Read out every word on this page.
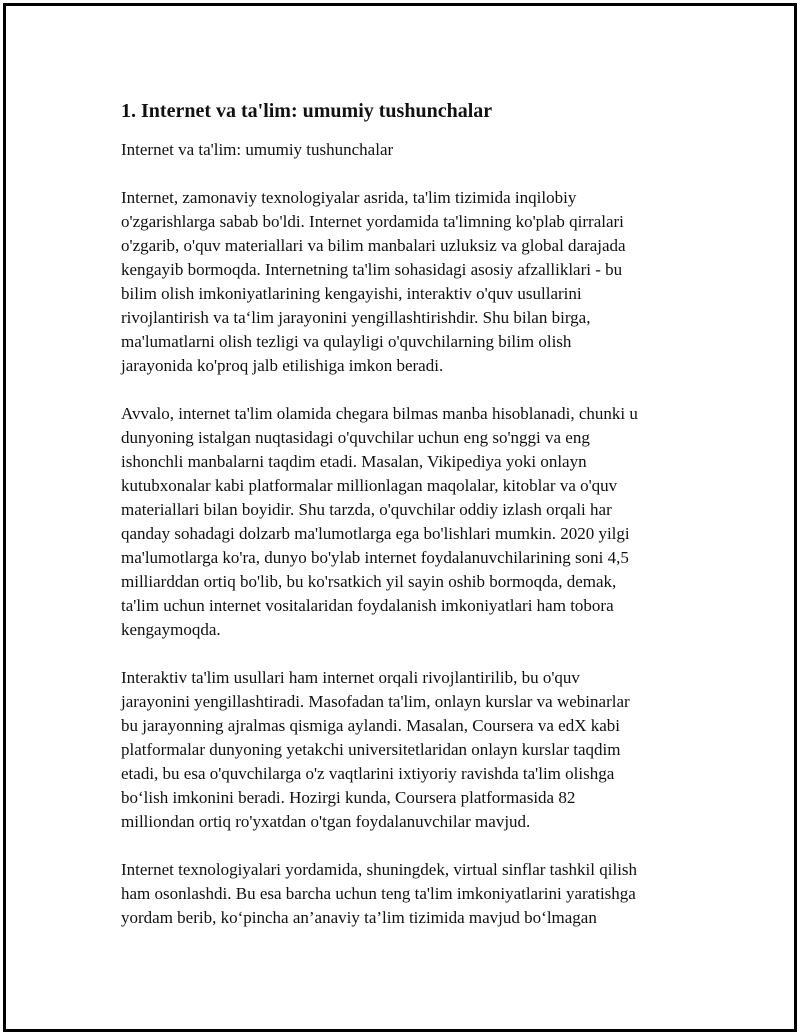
1. Internet va ta'lim: umumiy tushunchalar

Internet va ta'lim: umumiy tushunchalar

Internet, zamonaviy texnologiyalar asrida, ta'lim tizimida inqilobiy
o'zgarishlarga sabab bo'ldi. Internet yordamida ta'limning ko'plab qirralari
o'zgarib, o'quv materiallari va bilim manbalari uzluksiz va global darajada
kengayib bormoqda. Internetning ta'lim sohasidagi asosiy afzalliklari - bu
bilim olish imkoniyatlarining kengayishi, interaktiv o'quv usullarini
rivojlantirish va ta‘lim jarayonini yengillashtirishdir. Shu bilan birga,
ma'lumatlarni olish tezligi va qulayligi o'quvchilarning bilim olish
jarayonida ko'proq jalb etilishiga imkon beradi.

Avvalo, internet ta'lim olamida chegara bilmas manba hisoblanadi, chunki u
dunyoning istalgan nuqtasidagi o'quvchilar uchun eng so'nggi va eng
ishonchli manbalarni taqdim etadi. Masalan, Vikipediya yoki onlayn
kutubxonalar kabi platformalar millionlagan maqolalar, kitoblar va o'quv
materiallari bilan boyidir. Shu tarzda, o'quvchilar oddiy izlash orqali har
qanday sohadagi dolzarb ma'lumotlarga ega bo'lishlari mumkin. 2020 yilgi
ma'lumotlarga ko'ra, dunyo bo'ylab internet foydalanuvchilarining soni 4,5
milliarddan ortiq bo'lib, bu ko'rsatkich yil sayin oshib bormoqda, demak,
ta'lim uchun internet vositalaridan foydalanish imkoniyatlari ham tobora
kengaymoqda.

Interaktiv ta'lim usullari ham internet orqali rivojlantirilib, bu o'quv
jarayonini yengillashtiradi. Masofadan ta'lim, onlayn kurslar va webinarlar
bu jarayonning ajralmas qismiga aylandi. Masalan, Coursera va edX kabi
platformalar dunyoning yetakchi universitetlaridan onlayn kurslar taqdim
etadi, bu esa o'quvchilarga o'z vaqtlarini ixtiyoriy ravishda ta'lim olishga
bo‘lish imkonini beradi. Hozirgi kunda, Coursera platformasida 82
milliondan ortiq ro'yxatdan o'tgan foydalanuvchilar mavjud.

Internet texnologiyalari yordamida, shuningdek, virtual sinflar tashkil qilish
ham osonlashdi. Bu esa barcha uchun teng ta'lim imkoniyatlarini yaratishga
yordam berib, ko‘pincha an’anaviy ta’lim tizimida mavjud bo‘lmagan
